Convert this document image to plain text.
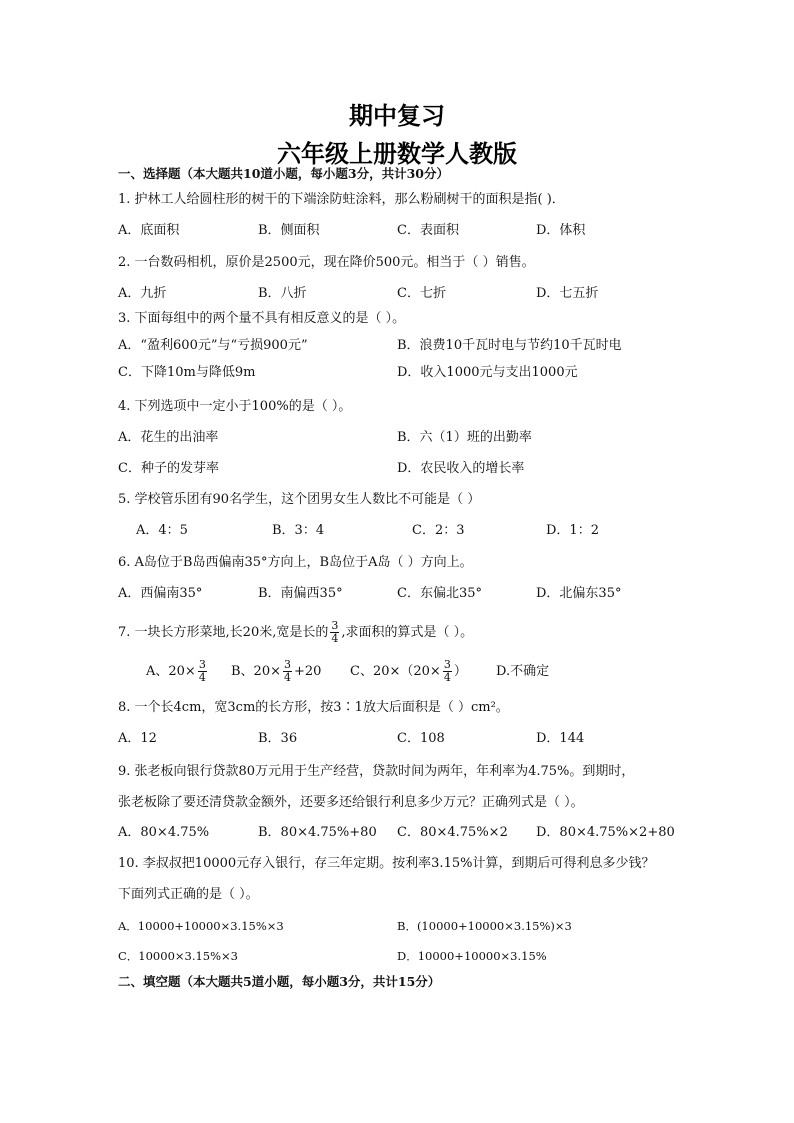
期中复习
六年级上册数学人教版
一、选择题（本大题共10道小题，每小题3分，共计30分）
1. 护林工人给圆柱形的树干的下端涂防蛀涂料，那么粉刷树干的面积是指( )．
A．底面积	B．侧面积	C．表面积	D．体积
2. 一台数码相机，原价是2500元，现在降价500元。相当于（ ）销售。
A．九折	B．八折	C．七折	D．七五折
3. 下面每组中的两个量不具有相反意义的是（ ）。
A．“盈利600元”与“亏损900元”	B．浪费10千瓦时电与节约10千瓦时电
C．下降10m与降低9m	D．收入1000元与支出1000元
4. 下列选项中一定小于100%的是（ ）。
A．花生的出油率	B．六（1）班的出勤率
C．种子的发芽率	D．农民收入的增长率
5. 学校管乐团有90名学生，这个团男女生人数比不可能是（ ）
A．4：5	B．3：4	C．2：3	D．1：2
6. A岛位于B岛西偏南35°方向上，B岛位于A岛（ ）方向上。
A．西偏南35°	B．南偏西35°	C．东偏北35°	D．北偏东35°
7. 一块长方形菜地,长20米,宽是长的 $\frac{3}{4}$ ,求面积的算式是（ ）。
A、$20\times \frac{3}{4}$ B、$20\times \frac{3}{4} +20$ C、$20\times(20\times \frac{3}{4}$ ） D.不确定
8. 一个长4cm，宽3cm的长方形，按3∶1放大后面积是（ ）cm²。
A．12	B．36	C．108	D．144
9. 张老板向银行贷款80万元用于生产经营，贷款时间为两年，年利率为4.75%。到期时，
张老板除了要还清贷款金额外，还要多还给银行利息多少万元？正确列式是（ ）。
A．80×4.75%	B．80×4.75%+80 C．80×4.75%×2 D．80×4.75%×2+80
10. 李叔叔把10000元存入银行，存三年定期。按利率3.15%计算，到期后可得利息多少钱？
下面列式正确的是（ ）。
A．10000+10000×3.15%×3	B．(10000+10000×3.15%)×3
C．10000×3.15%×3	D．10000+10000×3.15%
二、填空题（本大题共5道小题，每小题3分，共计15分）
